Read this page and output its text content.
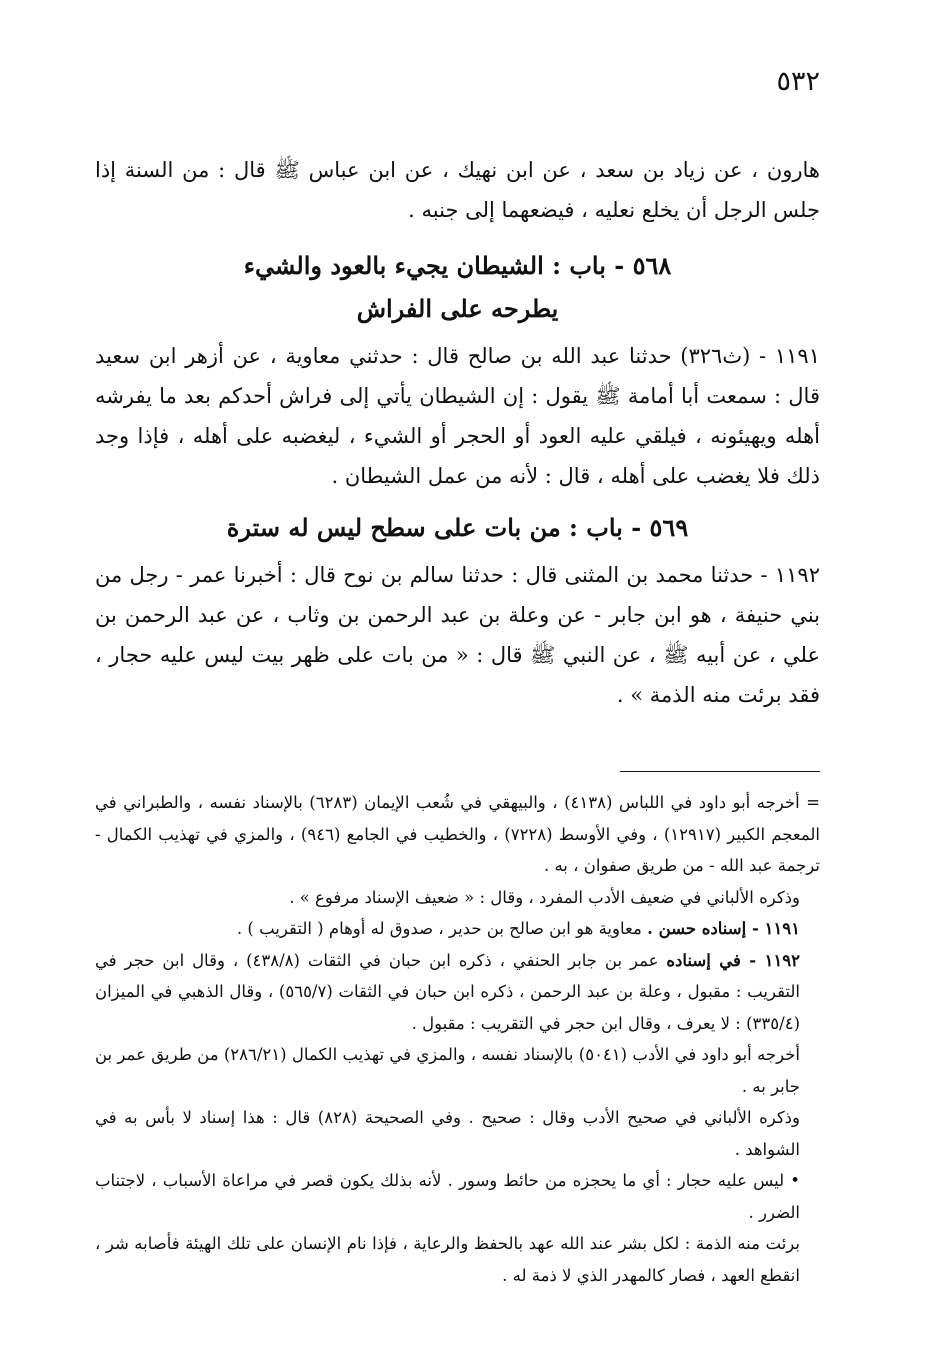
٥٣٢

هارون ، عن زياد بن سعد ، عن ابن نهيك ، عن ابن عباس ﷺ قال : من السنة إذا جلس الرجل أن يخلع نعليه ، فيضعهما إلى جنبه .

٥٦٨ - باب : الشيطان يجيء بالعود والشيء
يطرحه على الفراش

١١٩١ - (ث٣٢٦) حدثنا عبد الله بن صالح قال : حدثني معاوية ، عن أزهر ابن سعيد قال : سمعت أبا أمامة ﷺ يقول : إن الشيطان يأتي إلى فراش أحدكم بعد ما يفرشه أهله ويهيئونه ، فيلقي عليه العود أو الحجر أو الشيء ، ليغضبه على أهله ، فإذا وجد ذلك فلا يغضب على أهله ، قال : لأنه من عمل الشيطان .

٥٦٩ - باب : من بات على سطح ليس له سترة

١١٩٢ - حدثنا محمد بن المثنى قال : حدثنا سالم بن نوح قال : أخبرنا عمر - رجل من بني حنيفة ، هو ابن جابر - عن وعلة بن عبد الرحمن بن وثاب ، عن عبد الرحمن بن علي ، عن أبيه ﷺ ، عن النبي ﷺ قال : « من بات على ظهر بيت ليس عليه حجار ، فقد برئت منه الذمة » .

= أخرجه أبو داود في اللباس (٤١٣٨) ، والبيهقي في شُعب الإيمان (٦٢٨٣) بالإسناد نفسه ، والطبراني في المعجم الكبير (١٢٩١٧) ، وفي الأوسط (٧٢٢٨) ، والخطيب في الجامع (٩٤٦) ، والمزي في تهذيب الكمال - ترجمة عبد الله - من طريق صفوان ، به .

وذكره الألباني في ضعيف الأدب المفرد ، وقال : « ضعيف الإسناد مرفوع » .

١١٩١ - إسناده حسن . معاوية هو ابن صالح بن حدير ، صدوق له أوهام ( التقريب ) .

١١٩٢ - في إسناده عمر بن جابر الحنفي ، ذكره ابن حبان في الثقات (٤٣٨/٨) ، وقال ابن حجر في التقريب : مقبول ، وعلة بن عبد الرحمن ، ذكره ابن حبان في الثقات (٥٦٥/٧) ، وقال الذهبي في الميزان (٣٣٥/٤) : لا يعرف ، وقال ابن حجر في التقريب : مقبول .

أخرجه أبو داود في الأدب (٥٠٤١) بالإسناد نفسه ، والمزي في تهذيب الكمال (٢٨٦/٢١) من طريق عمر بن جابر به .

وذكره الألباني في صحيح الأدب وقال : صحيح . وفي الصحيحة (٨٢٨) قال : هذا إسناد لا بأس به في الشواهد .

• ليس عليه حجار : أي ما يحجزه من حائط وسور . لأنه بذلك يكون قصر في مراعاة الأسباب ، لاجتناب الضرر .

برئت منه الذمة : لكل بشر عند الله عهد بالحفظ والرعاية ، فإذا نام الإنسان على تلك الهيئة فأصابه شر ، انقطع العهد ، فصار كالمهدر الذي لا ذمة له .
